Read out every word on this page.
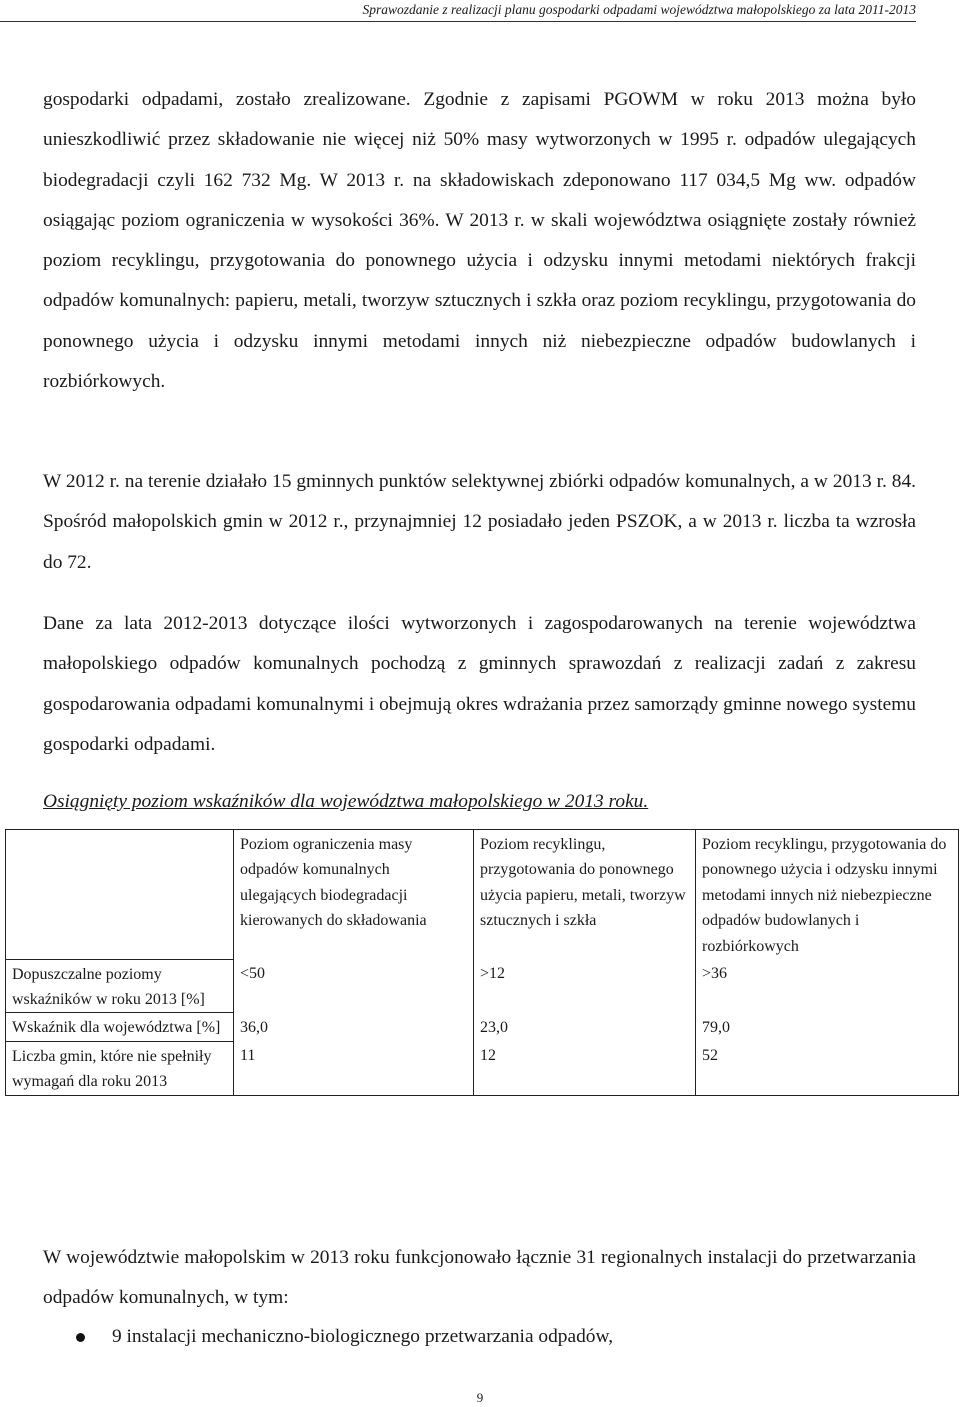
Sprawozdanie z realizacji planu gospodarki odpadami województwa małopolskiego za lata 2011-2013

gospodarki odpadami, zostało zrealizowane. Zgodnie z zapisami PGOWM w roku 2013 można było unieszkodliwić przez składowanie nie więcej niż 50% masy wytworzonych w 1995 r. odpadów ulegających biodegradacji czyli 162 732 Mg. W 2013 r. na składowiskach zdeponowano 117 034,5 Mg ww. odpadów osiągając poziom ograniczenia w wysokości 36%. W 2013 r. w skali województwa osiągnięte zostały również poziom recyklingu, przygotowania do ponownego użycia i odzysku innymi metodami niektórych frakcji odpadów komunalnych: papieru, metali, tworzyw sztucznych i szkła oraz poziom recyklingu, przygotowania do ponownego użycia i odzysku innymi metodami innych niż niebezpieczne odpadów budowlanych i rozbiórkowych.

W 2012 r. na terenie działało 15 gminnych punktów selektywnej zbiórki odpadów komunalnych, a w 2013 r. 84. Spośród małopolskich gmin w 2012 r., przynajmniej 12 posiadało jeden PSZOK, a w 2013 r. liczba ta wzrosła do 72.

Dane za lata 2012-2013 dotyczące ilości wytworzonych i zagospodarowanych na terenie województwa małopolskiego odpadów komunalnych pochodzą z gminnych sprawozdań z realizacji zadań z zakresu gospodarowania odpadami komunalnymi i obejmują okres wdrażania przez samorządy gminne nowego systemu gospodarki odpadami.

Osiągnięty poziom wskaźników dla województwa małopolskiego w 2013 roku.
	Poziom ograniczenia masy odpadów komunalnych ulegających biodegradacji kierowanych do składowania	Poziom recyklingu, przygotowania do ponownego użycia papieru, metali, tworzyw sztucznych i szkła	Poziom recyklingu, przygotowania do ponownego użycia i odzysku innymi metodami innych niż niebezpieczne odpadów budowlanych i rozbiórkowych
Dopuszczalne poziomy wskaźników w roku 2013 [%]	<50	>12	>36
Wskaźnik dla województwa [%]	36,0	23,0	79,0
Liczba gmin, które nie spełniły wymagań dla roku 2013	11	12	52

W województwie małopolskim w 2013 roku funkcjonowało łącznie 31 regionalnych instalacji do przetwarzania odpadów komunalnych, w tym:

9 instalacji mechaniczno-biologicznego przetwarzania odpadów,
9
